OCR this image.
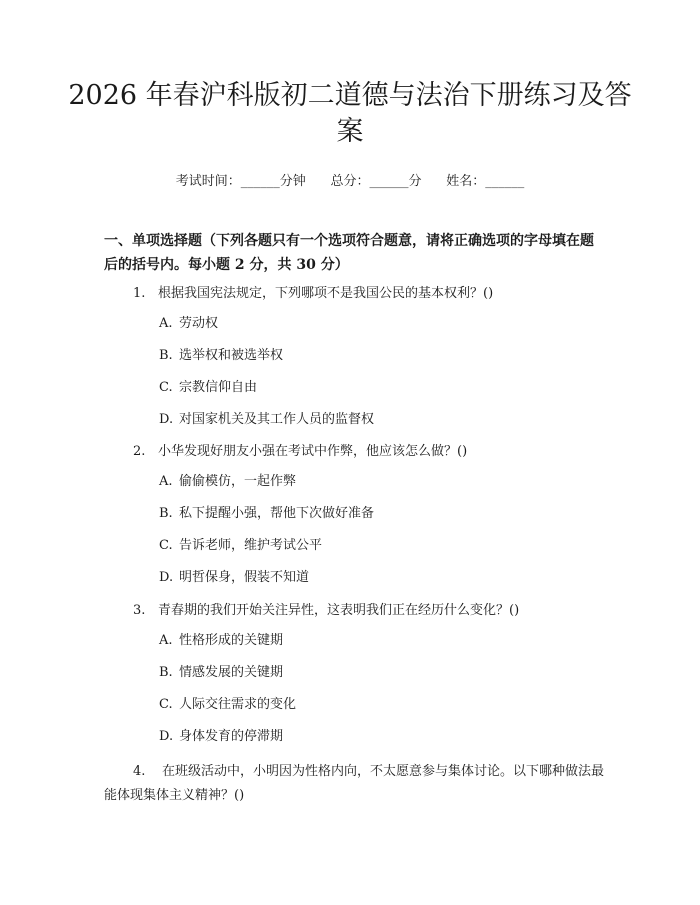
2026 年春沪科版初二道德与法治下册练习及答案
考试时间：______分钟      总分：______分      姓名：______
一、单项选择题（下列各题只有一个选项符合题意，请将正确选项的字母填在题后的括号内。每小题 2 分，共 30 分）
1. 根据我国宪法规定，下列哪项不是我国公民的基本权利？()
A. 劳动权
B. 选举权和被选举权
C. 宗教信仰自由
D. 对国家机关及其工作人员的监督权
2. 小华发现好朋友小强在考试中作弊，他应该怎么做？()
A. 偷偷模仿，一起作弊
B. 私下提醒小强，帮他下次做好准备
C. 告诉老师，维护考试公平
D. 明哲保身，假装不知道
3. 青春期的我们开始关注异性，这表明我们正在经历什么变化？()
A. 性格形成的关键期
B. 情感发展的关键期
C. 人际交往需求的变化
D. 身体发育的停滞期
4. 在班级活动中，小明因为性格内向，不太愿意参与集体讨论。以下哪种做法最能体现集体主义精神？()
